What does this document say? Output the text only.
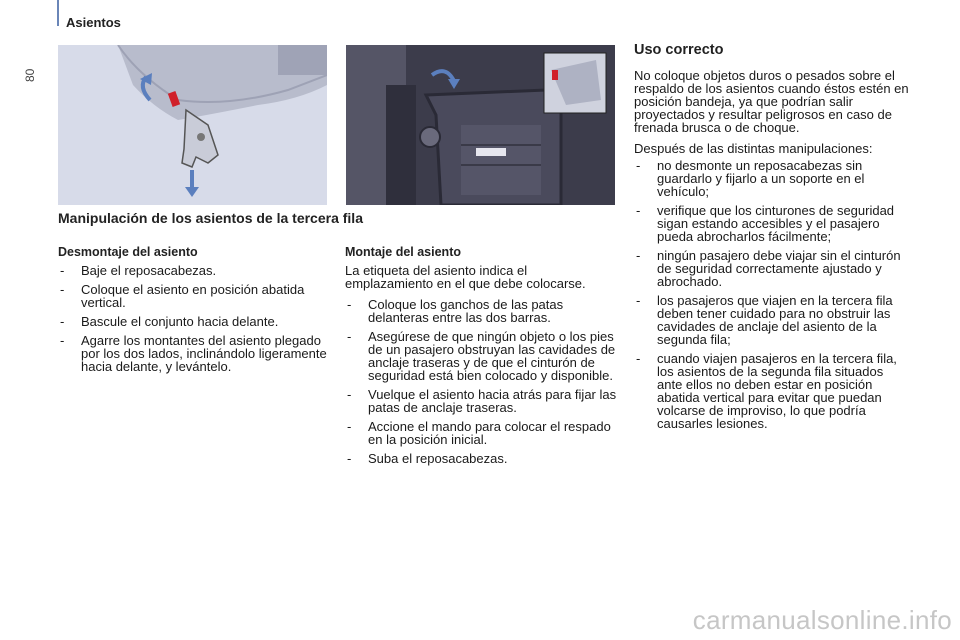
Asientos
80
Manipulación de los asientos de la tercera fila
Desmontaje del asiento
- Baje el reposacabezas.
- Coloque el asiento en posición abatida vertical.
- Bascule el conjunto hacia delante.
- Agarre los montantes del asiento plegado por los dos lados, inclinándolo ligeramente hacia delante, y levántelo.
Montaje del asiento

La etiqueta del asiento indica el emplazamiento en el que debe colocarse.

- Coloque los ganchos de las patas delanteras entre las dos barras.
- Asegúrese de que ningún objeto o los pies de un pasajero obstruyan las cavidades de anclaje traseras y de que el cinturón de seguridad está bien colocado y disponible.
- Vuelque el asiento hacia atrás para fijar las patas de anclaje traseras.
- Accione el mando para colocar el respado en la posición inicial.
- Suba el reposacabezas.
Uso correcto

No coloque objetos duros o pesados sobre el respaldo de los asientos cuando éstos estén en posición bandeja, ya que podrían salir proyectados y resultar peligrosos en caso de frenada brusca o de choque.

Después de las distintas manipulaciones:

- no desmonte un reposacabezas sin guardarlo y fijarlo a un soporte en el vehículo;
- verifique que los cinturones de seguridad sigan estando accesibles y el pasajero pueda abrocharlos fácilmente;
- ningún pasajero debe viajar sin el cinturón de seguridad correctamente ajustado y abrochado.
- los pasajeros que viajen en la tercera fila deben tener cuidado para no obstruir las cavidades de anclaje del asiento de la segunda fila;
- cuando viajen pasajeros en la tercera fila, los asientos de la segunda fila situados ante ellos no deben estar en posición abatida vertical para evitar que puedan volcarse de improviso, lo que podría causarles lesiones.
carmanualsonline.info
